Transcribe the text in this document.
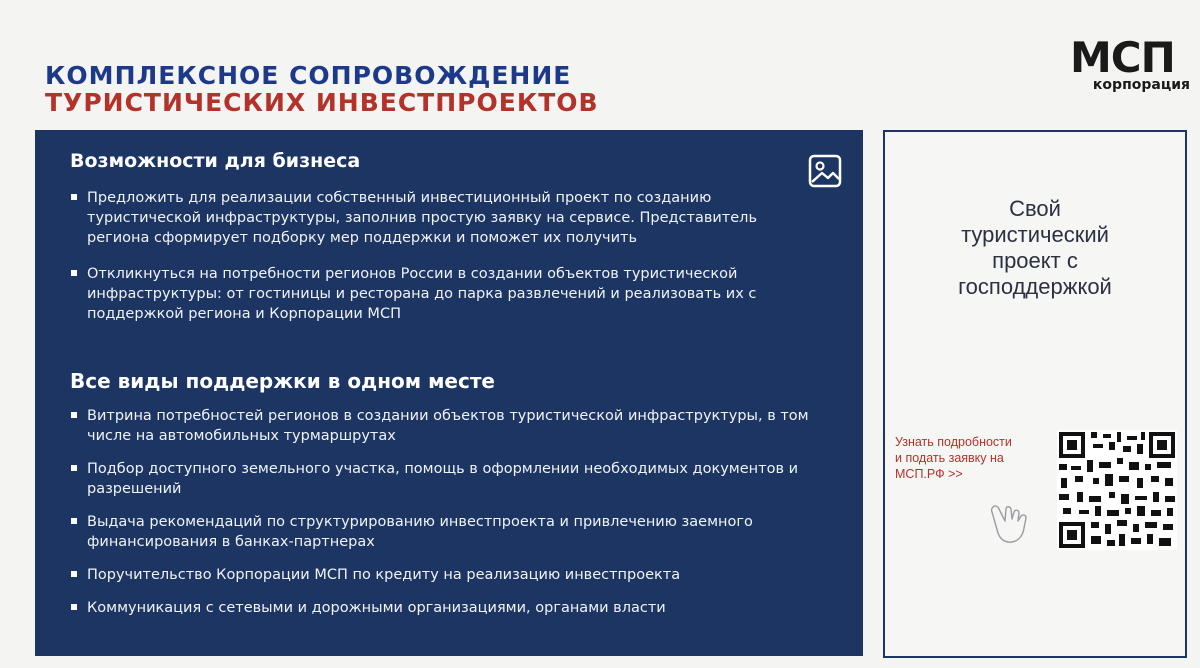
КОМПЛЕКСНОЕ СОПРОВОЖДЕНИЕ
ТУРИСТИЧЕСКИХ ИНВЕСТПРОЕКТОВ
МСП
корпорация
Возможности для бизнеса
Предложить для реализации собственный инвестиционный проект по созданию туристической инфраструктуры, заполнив простую заявку на сервисе. Представитель региона сформирует подборку мер поддержки и поможет их получить
Откликнуться на потребности регионов России в создании объектов туристической инфраструктуры: от гостиницы и ресторана до парка развлечений и реализовать их с поддержкой региона и Корпорации МСП
Все виды поддержки в одном месте
Витрина потребностей регионов в создании объектов туристической инфраструктуры, в том числе на автомобильных турмаршрутах
Подбор доступного земельного участка, помощь в оформлении необходимых документов и разрешений
Выдача рекомендаций по структурированию инвестпроекта и привлечению заемного финансирования в банках-партнерах
Поручительство Корпорации МСП по кредиту на реализацию инвестпроекта
Коммуникация с сетевыми и дорожными организациями, органами власти
Свой
туристический
проект с
господдержкой
Узнать подробности
и подать заявку на
МСП.РФ >>
